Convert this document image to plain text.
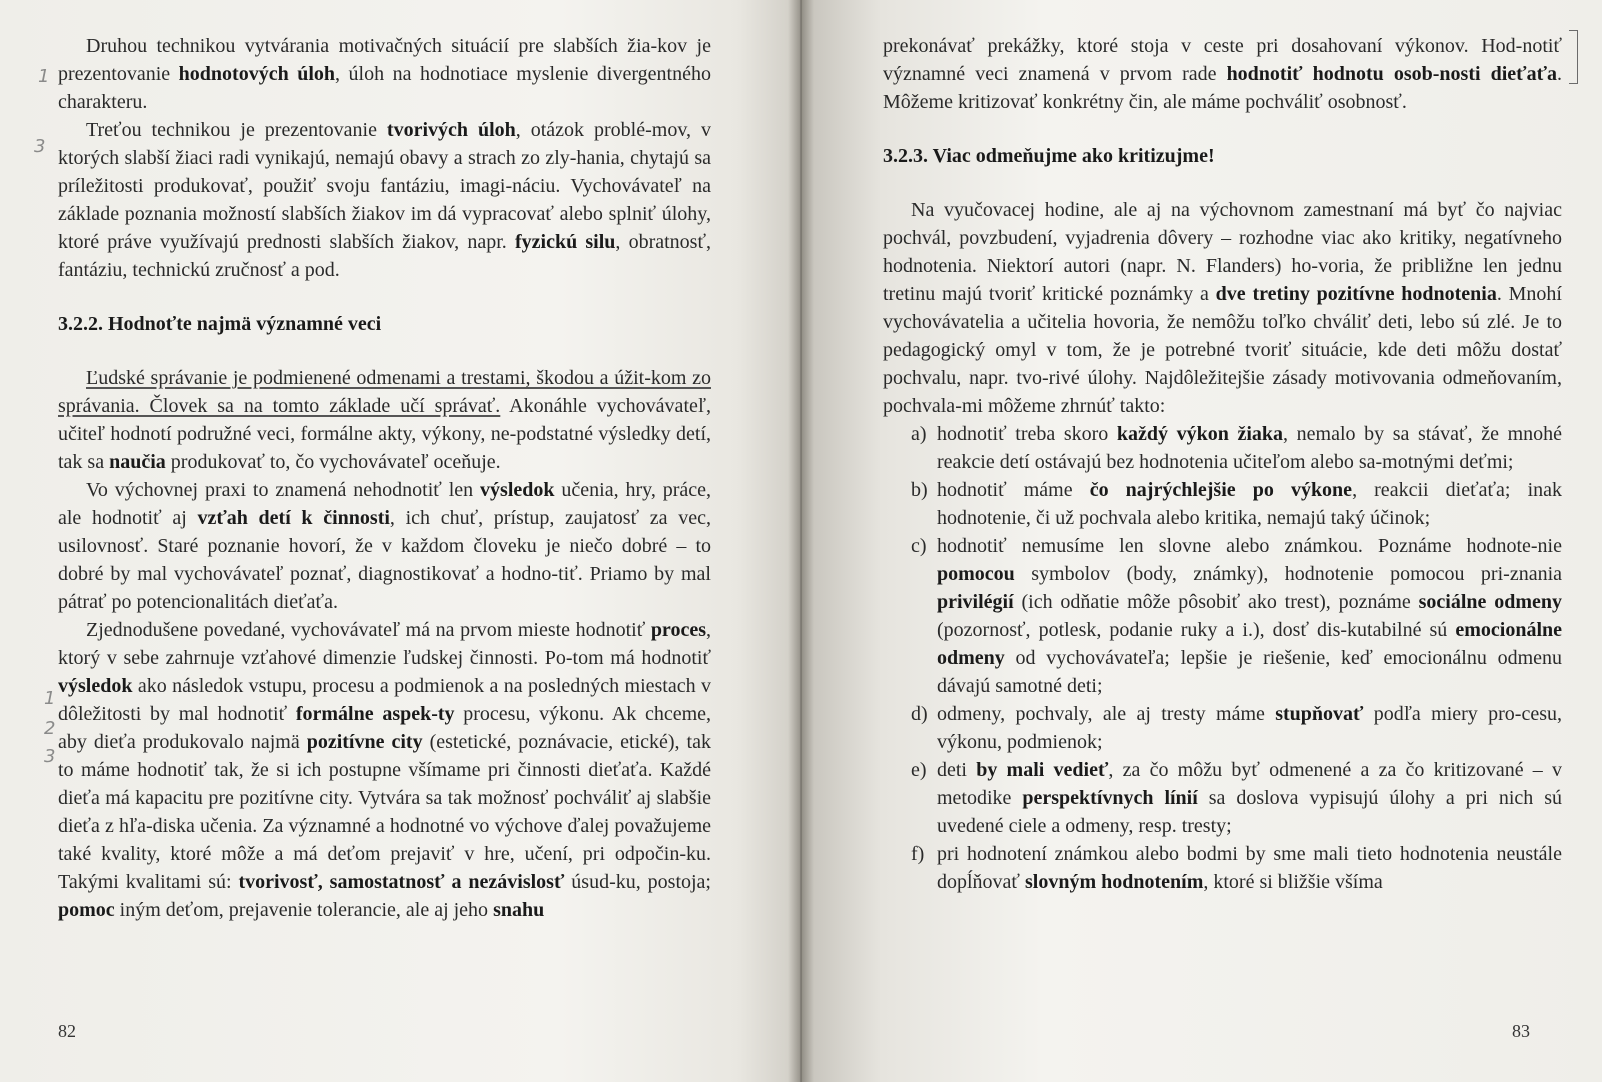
1
3
1
2
3

Druhou technikou vytvárania motivačných situácií pre slabších žia-kov je prezentovanie hodnotových úloh, úloh na hodnotiace myslenie divergentného charakteru.

Treťou technikou je prezentovanie tvorivých úloh, otázok problé-mov, v ktorých slabší žiaci radi vynikajú, nemajú obavy a strach zo zly-hania, chytajú sa príležitosti produkovať, použiť svoju fantáziu, imagi-náciu. Vychovávateľ na základe poznania možností slabších žiakov im dá vypracovať alebo splniť úlohy, ktoré práve využívajú prednosti slabších žiakov, napr. fyzickú silu, obratnosť, fantáziu, technickú zručnosť a pod.

3.2.2. Hodnoťte najmä významné veci

Ľudské správanie je podmienené odmenami a trestami, škodou a úžit-kom zo správania. Človek sa na tomto základe učí správať. Akonáhle vychovávateľ, učiteľ hodnotí podružné veci, formálne akty, výkony, ne-podstatné výsledky detí, tak sa naučia produkovať to, čo vychovávateľ oceňuje.

Vo výchovnej praxi to znamená nehodnotiť len výsledok učenia, hry, práce, ale hodnotiť aj vzťah detí k činnosti, ich chuť, prístup, zaujatosť za vec, usilovnosť. Staré poznanie hovorí, že v každom človeku je niečo dobré – to dobré by mal vychovávateľ poznať, diagnostikovať a hodno-tiť. Priamo by mal pátrať po potencionalitách dieťaťa.

Zjednodušene povedané, vychovávateľ má na prvom mieste hodnotiť proces, ktorý v sebe zahrnuje vzťahové dimenzie ľudskej činnosti. Po-tom má hodnotiť výsledok ako následok vstupu, procesu a podmienok a na posledných miestach v dôležitosti by mal hodnotiť formálne aspek-ty procesu, výkonu. Ak chceme, aby dieťa produkovalo najmä pozitívne city (estetické, poznávacie, etické), tak to máme hodnotiť tak, že si ich postupne všímame pri činnosti dieťaťa. Každé dieťa má kapacitu pre pozitívne city. Vytvára sa tak možnosť pochváliť aj slabšie dieťa z hľa-diska učenia. Za významné a hodnotné vo výchove ďalej považujeme také kvality, ktoré môže a má deťom prejaviť v hre, učení, pri odpočin-ku. Takými kvalitami sú: tvorivosť, samostatnosť a nezávislosť úsud-ku, postoja; pomoc iným deťom, prejavenie tolerancie, ale aj jeho snahu

82

prekonávať prekážky, ktoré stoja v ceste pri dosahovaní výkonov. Hod-notiť významné veci znamená v prvom rade hodnotiť hodnotu osob-nosti dieťaťa. Môžeme kritizovať konkrétny čin, ale máme pochváliť osobnosť.

3.2.3. Viac odmeňujme ako kritizujme!

Na vyučovacej hodine, ale aj na výchovnom zamestnaní má byť čo najviac pochvál, povzbudení, vyjadrenia dôvery – rozhodne viac ako kritiky, negatívneho hodnotenia. Niektorí autori (napr. N. Flanders) ho-voria, že približne len jednu tretinu majú tvoriť kritické poznámky a dve tretiny pozitívne hodnotenia. Mnohí vychovávatelia a učitelia hovoria, že nemôžu toľko chváliť deti, lebo sú zlé. Je to pedagogický omyl v tom, že je potrebné tvoriť situácie, kde deti môžu dostať pochvalu, napr. tvo-rivé úlohy. Najdôležitejšie zásady motivovania odmeňovaním, pochvala-mi môžeme zhrnúť takto:

a) hodnotiť treba skoro každý výkon žiaka, nemalo by sa stávať, že mnohé reakcie detí ostávajú bez hodnotenia učiteľom alebo sa-motnými deťmi;
b) hodnotiť máme čo najrýchlejšie po výkone, reakcii dieťaťa; inak hodnotenie, či už pochvala alebo kritika, nemajú taký účinok;
c) hodnotiť nemusíme len slovne alebo známkou. Poznáme hodnote-nie pomocou symbolov (body, známky), hodnotenie pomocou pri-znania privilégií (ich odňatie môže pôsobiť ako trest), poznáme sociálne odmeny (pozornosť, potlesk, podanie ruky a i.), dosť dis-kutabilné sú emocionálne odmeny od vychovávateľa; lepšie je riešenie, keď emocionálnu odmenu dávajú samotné deti;
d) odmeny, pochvaly, ale aj tresty máme stupňovať podľa miery pro-cesu, výkonu, podmienok;
e) deti by mali vedieť, za čo môžu byť odmenené a za čo kritizované – v metodike perspektívnych línií sa doslova vypisujú úlohy a pri nich sú uvedené ciele a odmeny, resp. tresty;
f) pri hodnotení známkou alebo bodmi by sme mali tieto hodnotenia neustále dopĺňovať slovným hodnotením, ktoré si bližšie všíma
83
